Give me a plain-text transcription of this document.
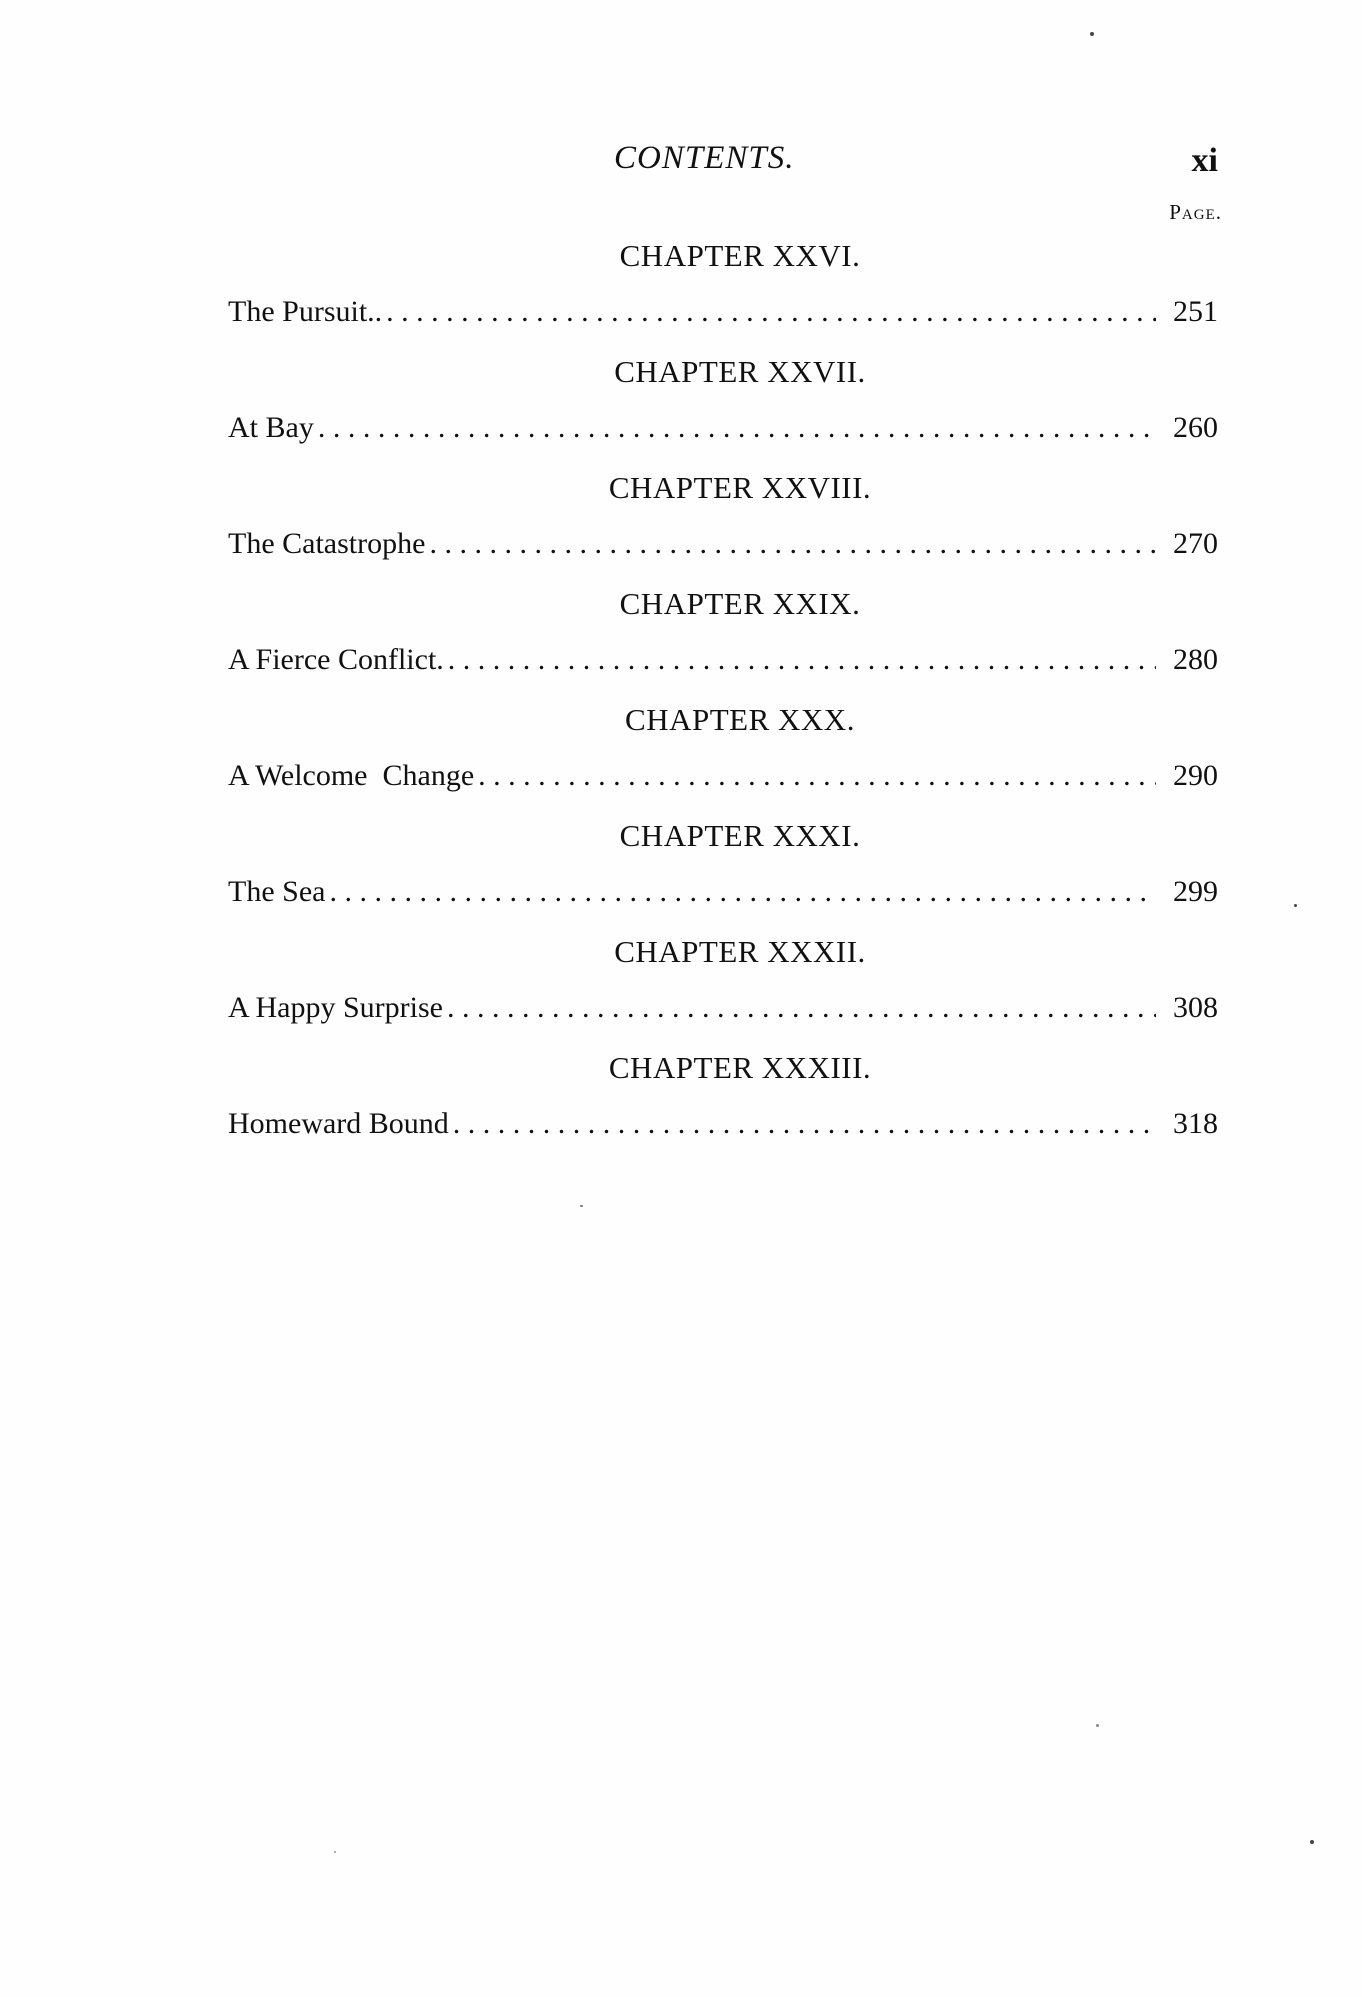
CONTENTS.	xi
Page.
CHAPTER XXVI.
The Pursuit.. . . .	251
CHAPTER XXVII.
At Bay . . .	260
CHAPTER XXVIII.
The Catastrophe . . .	270
CHAPTER XXIX.
A Fierce Conflict. . . .	280
CHAPTER XXX.
A Welcome  Change . . .	290
CHAPTER XXXI.
The Sea . . .	299
CHAPTER XXXII.
A Happy Surprise . . .	308
CHAPTER XXXIII.
Homeward Bound . . .	318
